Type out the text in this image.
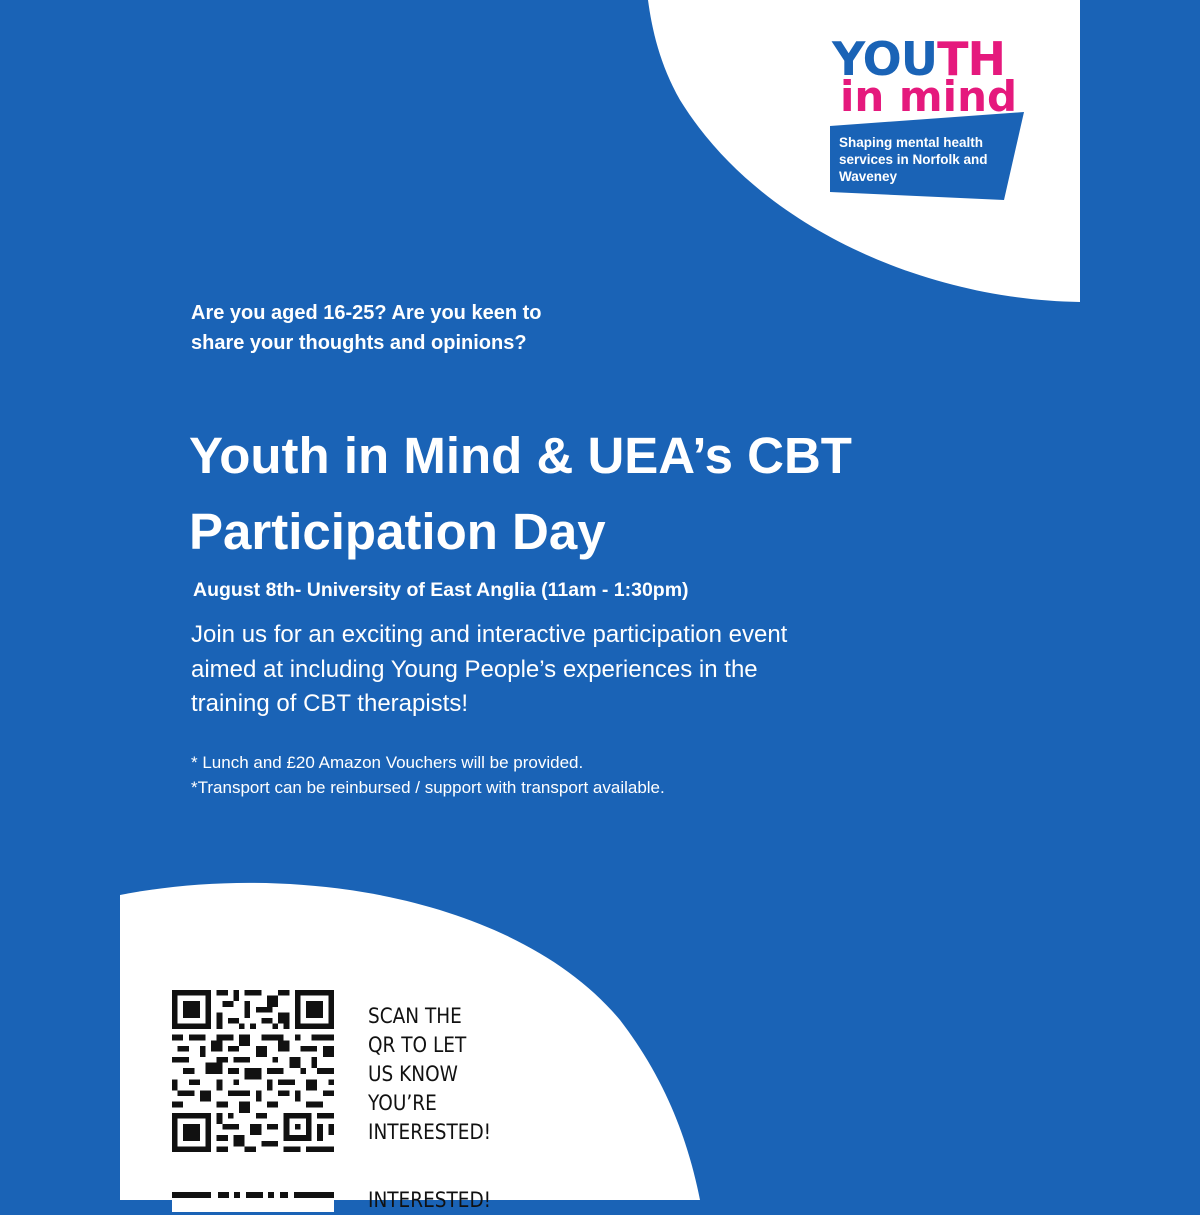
YOUTH
in mind
Shaping mental health services in Norfolk and Waveney
Are you aged 16-25? Are you keen to
share your thoughts and opinions?
Youth in Mind & UEA’s CBT
Participation Day
August 8th- University of East Anglia (11am - 1:30pm)
Join us for an exciting and interactive participation event
aimed at including Young People’s experiences in the
training of CBT therapists!
* Lunch and £20 Amazon Vouchers will be provided.
*Transport can be reinbursed / support with transport available.
SCAN THE
QR TO LET
US KNOW
YOU’RE
INTERESTED!
INTERESTED!
